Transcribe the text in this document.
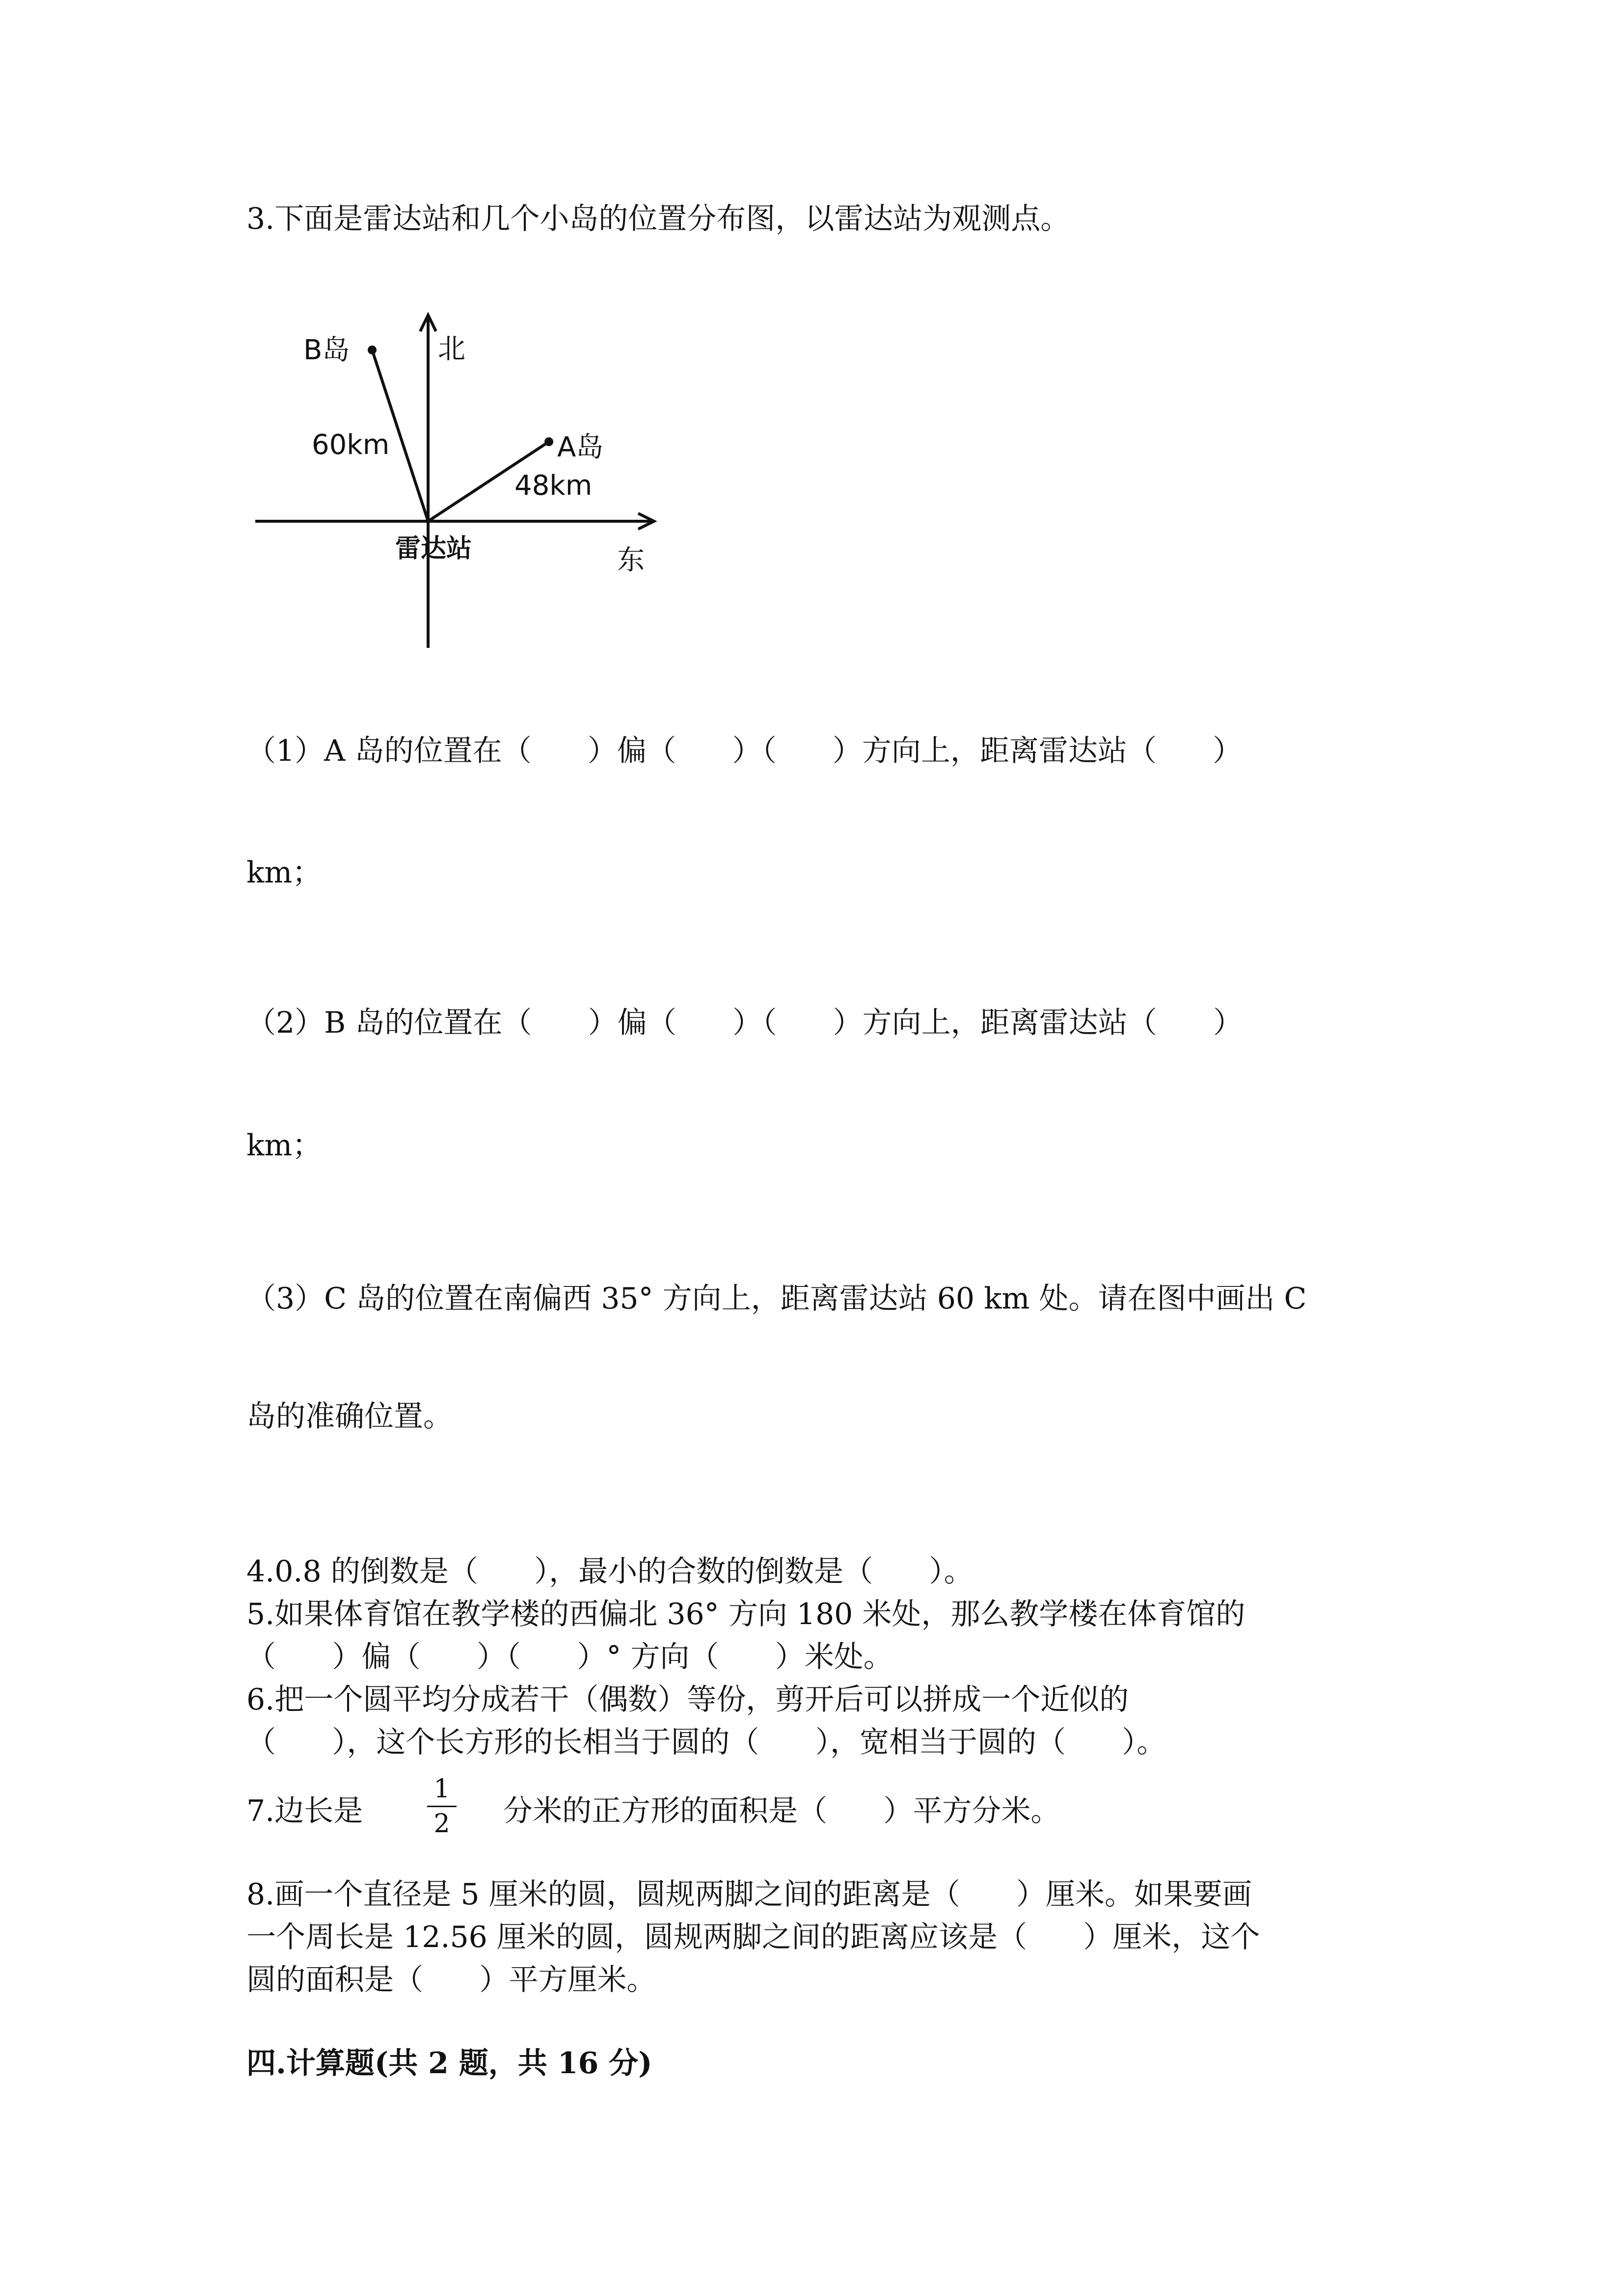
3.下面是雷达站和几个小岛的位置分布图，以雷达站为观测点。
B岛	北
60km	A岛
48km
雷达站	东
（1）A 岛的位置在（      ）偏（      ）（      ）方向上，距离雷达站（      ）
km；
（2）B 岛的位置在（      ）偏（      ）（      ）方向上，距离雷达站（      ）
km；
（3）C 岛的位置在南偏西 35° 方向上，距离雷达站 60 km 处。请在图中画出 C
岛的准确位置。
4.0.8 的倒数是（      ），最小的合数的倒数是（      ）。
5.如果体育馆在教学楼的西偏北 36° 方向 180 米处，那么教学楼在体育馆的
（      ）偏（      ）（      ）° 方向（      ）米处。
6.把一个圆平均分成若干（偶数）等份，剪开后可以拼成一个近似的
（      ），这个长方形的长相当于圆的（      ），宽相当于圆的（      ）。
7.边长是
1
2 分米的正方形的面积是（      ）平方分米。
8.画一个直径是 5 厘米的圆，圆规两脚之间的距离是（      ）厘米。如果要画
一个周长是 12.56 厘米的圆，圆规两脚之间的距离应该是（      ）厘米，这个
圆的面积是（      ）平方厘米。
四.计算题(共 2 题，共 16 分)
